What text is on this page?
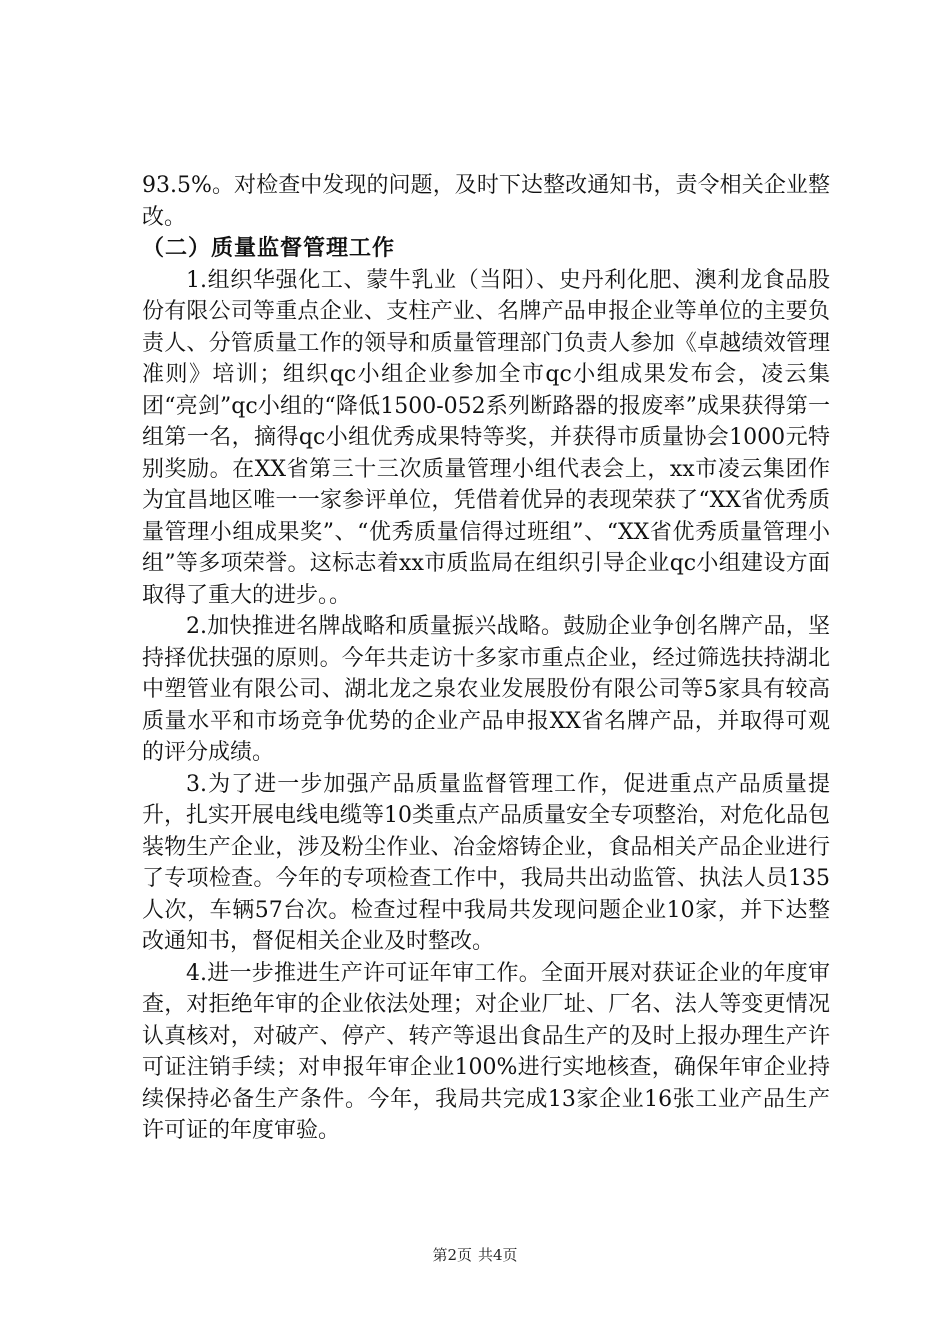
93.5%。对检查中发现的问题，及时下达整改通知书，责令相关企业整改。

（二）质量监督管理工作

1.组织华强化工、蒙牛乳业（当阳）、史丹利化肥、澳利龙食品股份有限公司等重点企业、支柱产业、名牌产品申报企业等单位的主要负责人、分管质量工作的领导和质量管理部门负责人参加《卓越绩效管理准则》培训；组织qc小组企业参加全市qc小组成果发布会，凌云集团“亮剑”qc小组的“降低1500-052系列断路器的报废率”成果获得第一组第一名，摘得qc小组优秀成果特等奖，并获得市质量协会1000元特别奖励。在XX省第三十三次质量管理小组代表会上，xx市凌云集团作为宜昌地区唯一一家参评单位，凭借着优异的表现荣获了“XX省优秀质量管理小组成果奖”、“优秀质量信得过班组”、“XX省优秀质量管理小组”等多项荣誉。这标志着xx市质监局在组织引导企业qc小组建设方面取得了重大的进步。。

2.加快推进名牌战略和质量振兴战略。鼓励企业争创名牌产品，坚持择优扶强的原则。今年共走访十多家市重点企业，经过筛选扶持湖北中塑管业有限公司、湖北龙之泉农业发展股份有限公司等5家具有较高质量水平和市场竞争优势的企业产品申报XX省名牌产品，并取得可观的评分成绩。

3.为了进一步加强产品质量监督管理工作，促进重点产品质量提升，扎实开展电线电缆等10类重点产品质量安全专项整治，对危化品包装物生产企业，涉及粉尘作业、冶金熔铸企业，食品相关产品企业进行了专项检查。今年的专项检查工作中，我局共出动监管、执法人员135人次，车辆57台次。检查过程中我局共发现问题企业10家，并下达整改通知书，督促相关企业及时整改。

4.进一步推进生产许可证年审工作。全面开展对获证企业的年度审查，对拒绝年审的企业依法处理；对企业厂址、厂名、法人等变更情况认真核对，对破产、停产、转产等退出食品生产的及时上报办理生产许可证注销手续；对申报年审企业100%进行实地核查，确保年审企业持续保持必备生产条件。今年，我局共完成13家企业16张工业产品生产许可证的年度审验。

第2页 共4页
